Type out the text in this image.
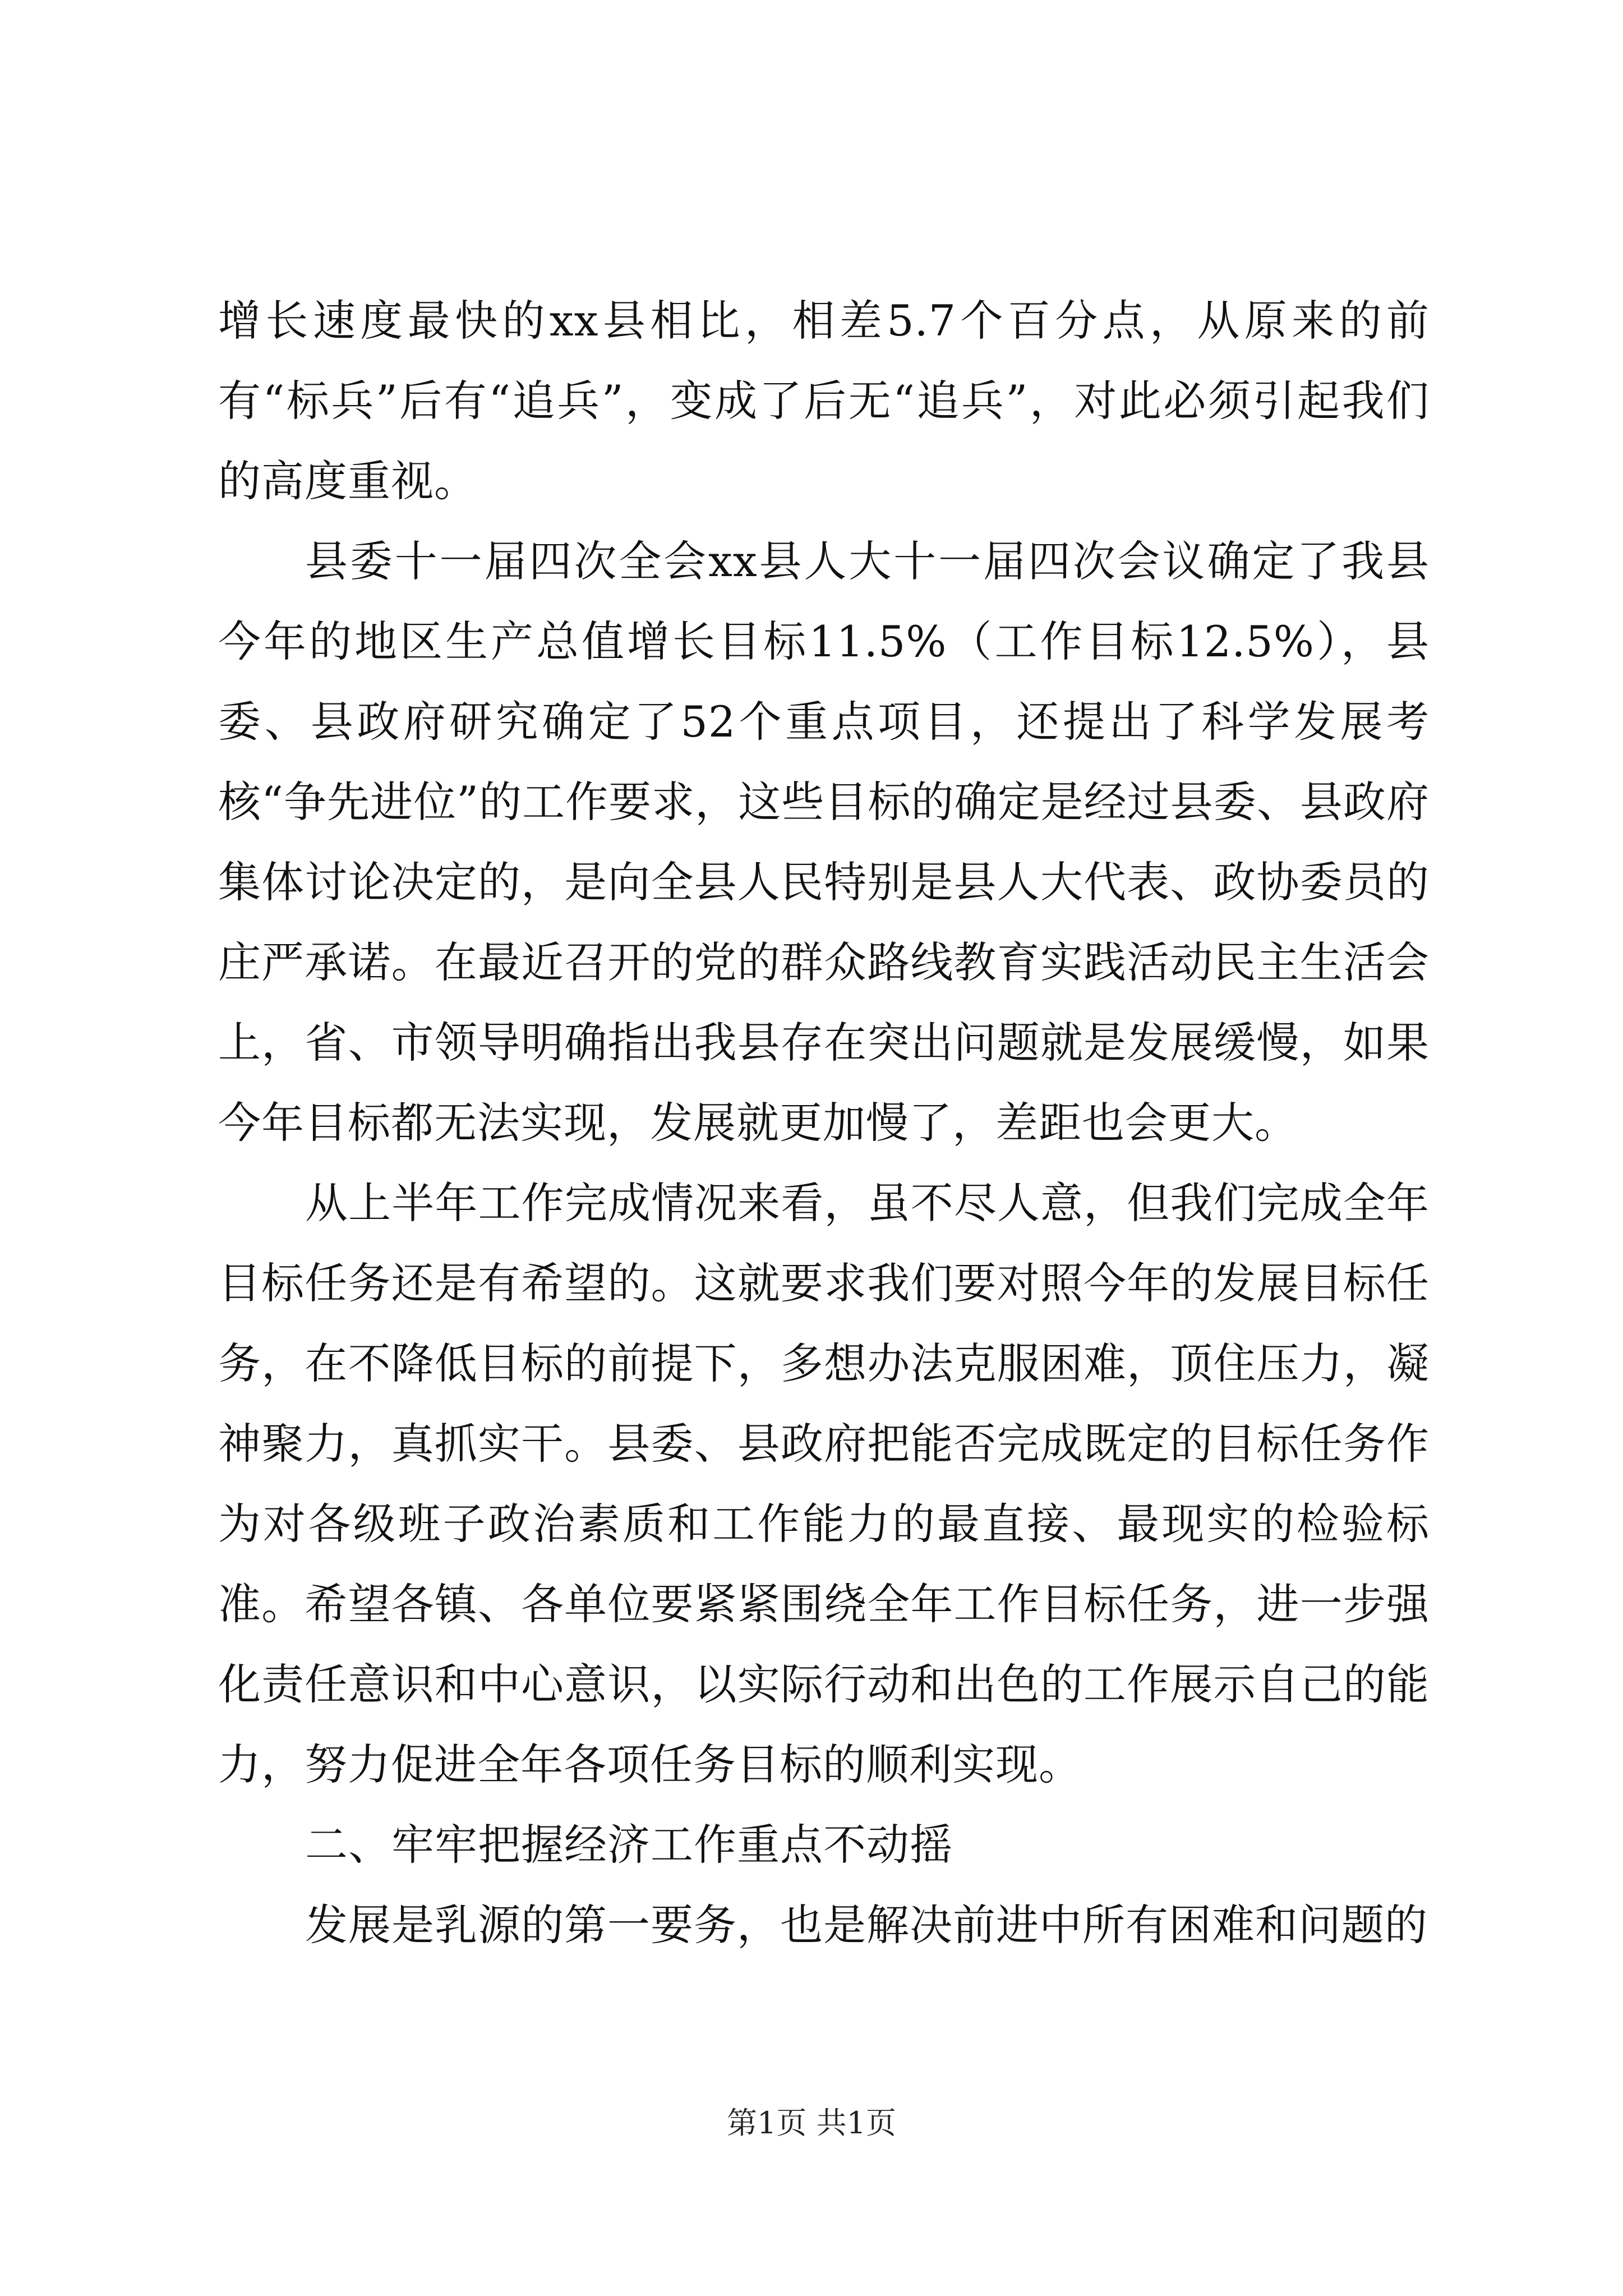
增长速度最快的xx县相比，相差5.7个百分点，从原来的前有“标兵”后有“追兵”，变成了后无“追兵”，对此必须引起我们的高度重视。

县委十一届四次全会xx县人大十一届四次会议确定了我县今年的地区生产总值增长目标11.5%（工作目标12.5%），县委、县政府研究确定了52个重点项目，还提出了科学发展考核“争先进位”的工作要求，这些目标的确定是经过县委、县政府集体讨论决定的，是向全县人民特别是县人大代表、政协委员的庄严承诺。在最近召开的党的群众路线教育实践活动民主生活会上，省、市领导明确指出我县存在突出问题就是发展缓慢，如果今年目标都无法实现，发展就更加慢了，差距也会更大。

从上半年工作完成情况来看，虽不尽人意，但我们完成全年目标任务还是有希望的。这就要求我们要对照今年的发展目标任务，在不降低目标的前提下，多想办法克服困难，顶住压力，凝神聚力，真抓实干。县委、县政府把能否完成既定的目标任务作为对各级班子政治素质和工作能力的最直接、最现实的检验标准。希望各镇、各单位要紧紧围绕全年工作目标任务，进一步强化责任意识和中心意识，以实际行动和出色的工作展示自己的能力，努力促进全年各项任务目标的顺利实现。

二、牢牢把握经济工作重点不动摇

发展是乳源的第一要务，也是解决前进中所有困难和问题的

第1页 共1页
